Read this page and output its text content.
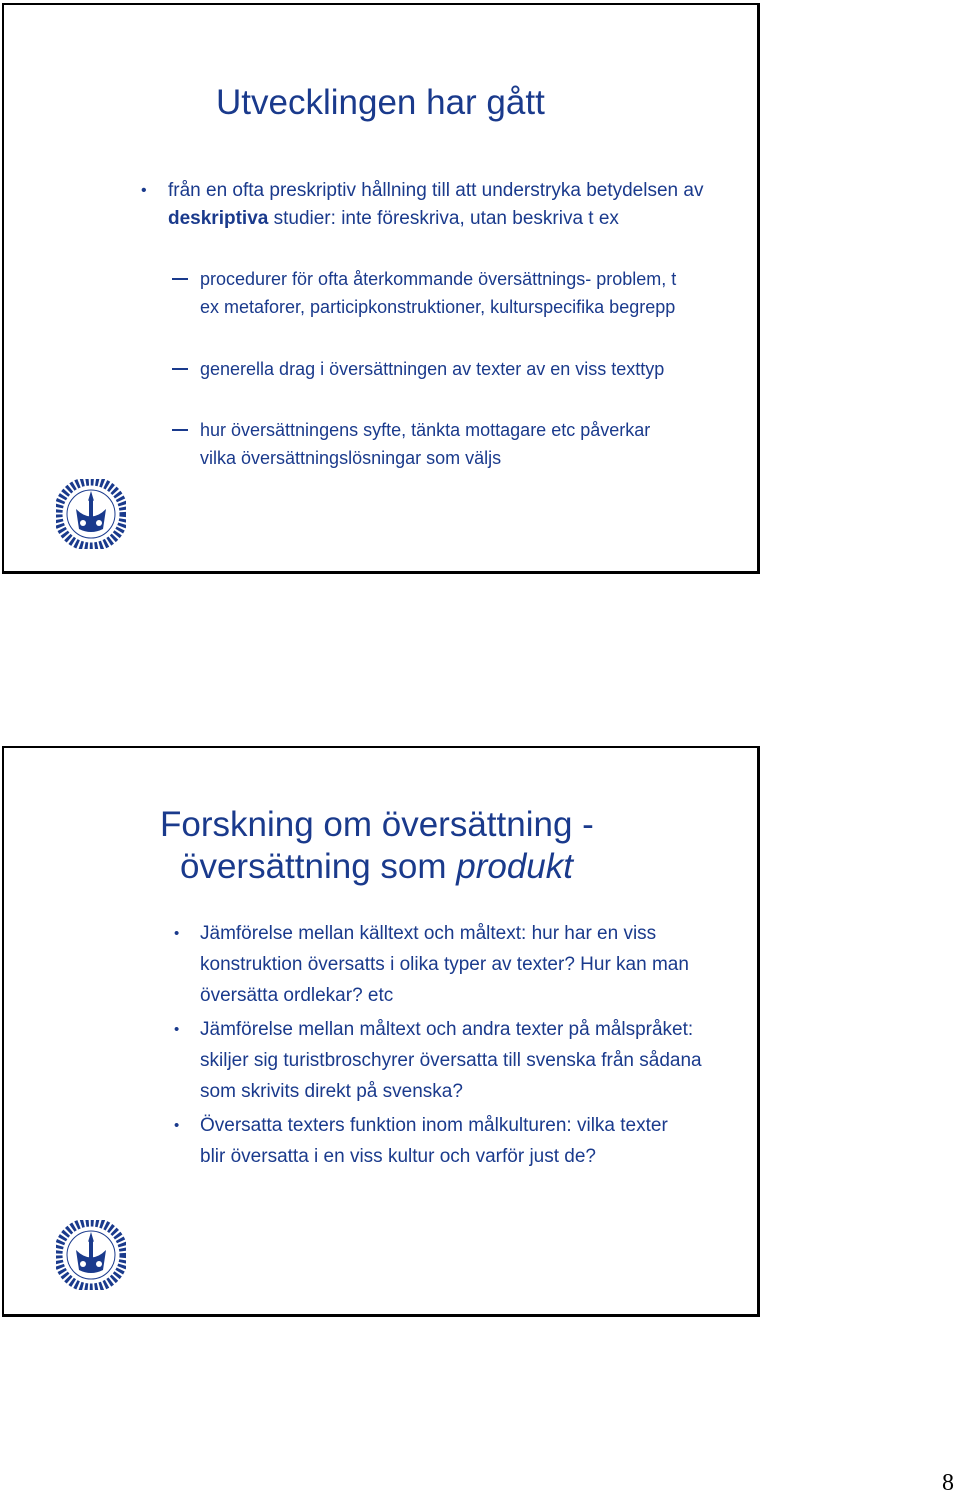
Utvecklingen har gått
• från en ofta preskriptiv hållning till att understryka betydelsen av deskriptiva studier: inte föreskriva, utan beskriva t ex
procedurer för ofta återkommande översättnings- problem, t ex metaforer, participkonstruktioner, kulturspecifika begrepp
generella drag i översättningen av texter av en viss texttyp
hur översättningens syfte, tänkta mottagare etc påverkar vilka översättningslösningar som väljs
Forskning om översättning -
översättning som produkt
• Jämförelse mellan källtext och måltext: hur har en viss konstruktion översatts i olika typer av texter? Hur kan man översätta ordlekar? etc
• Jämförelse mellan måltext och andra texter på målspråket: skiljer sig turistbroschyrer översatta till svenska från sådana som skrivits direkt på svenska?
• Översatta texters funktion inom målkulturen: vilka texter blir översatta i en viss kultur och varför just de?
8
